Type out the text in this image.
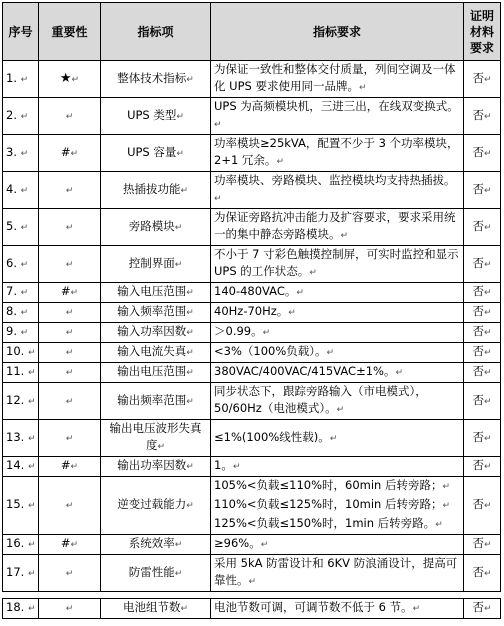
序号	重要性	指标项	指标要求	证明材料要求
1. ↵	★↵	整体技术指标↵	为保证一致性和整体交付质量，列间空调及一体化 UPS 要求使用同一品牌。↵	否↵
2. ↵	↵	UPS 类型↵	UPS 为高频模块机，三进三出，在线双变换式。↵	否↵
3. ↵	#↵	UPS 容量↵	功率模块≥25kVA，配置不少于 3 个功率模块，2+1 冗余。↵	否↵
4. ↵	↵	热插拔功能↵	功率模块、旁路模块、监控模块均支持热插拔。↵	否↵
5. ↵	↵	旁路模块↵	为保证旁路抗冲击能力及扩容要求，要求采用统一的集中静态旁路模块。↵	否↵
6. ↵	↵	控制界面↵	不小于 7 寸彩色触摸控制屏，可实时监控和显示 UPS 的工作状态。↵	否↵
7. ↵	#↵	输入电压范围↵	140-480VAC。↵	否↵
8. ↵	↵	输入频率范围↵	40Hz-70Hz。↵	否↵
9. ↵	↵	输入功率因数↵	＞0.99。↵	否↵
10. ↵	↵	输入电流失真↵	<3%（100%负载）。↵	否↵
11. ↵	↵	输出电压范围↵	380VAC/400VAC/415VAC±1%。↵	否↵
12. ↵	↵	输出频率范围↵	同步状态下，跟踪旁路输入（市电模式），50/60Hz（电池模式）。↵	否↵
13. ↵	↵	输出电压波形失真度↵	≤1%(100%线性载)。↵	否↵
14. ↵	#↵	输出功率因数↵	1。↵	否↵
15. ↵	↵	逆变过载能力↵	105%<负载≤110%时，60min 后转旁路；↵
110%<负载≤125%时，10min 后转旁路；↵
125%<负载≤150%时，1min 后转旁路。↵	否↵
16. ↵	#↵	系统效率↵	≥96%。↵	否↵
17. ↵	↵	防雷性能↵	采用 5kA 防雷设计和 6KV 防浪涌设计，提高可靠性。↵	否↵

18. ↵	↵	电池组节数↵	电池节数可调，可调节数不低于 6 节。↵	否↵
